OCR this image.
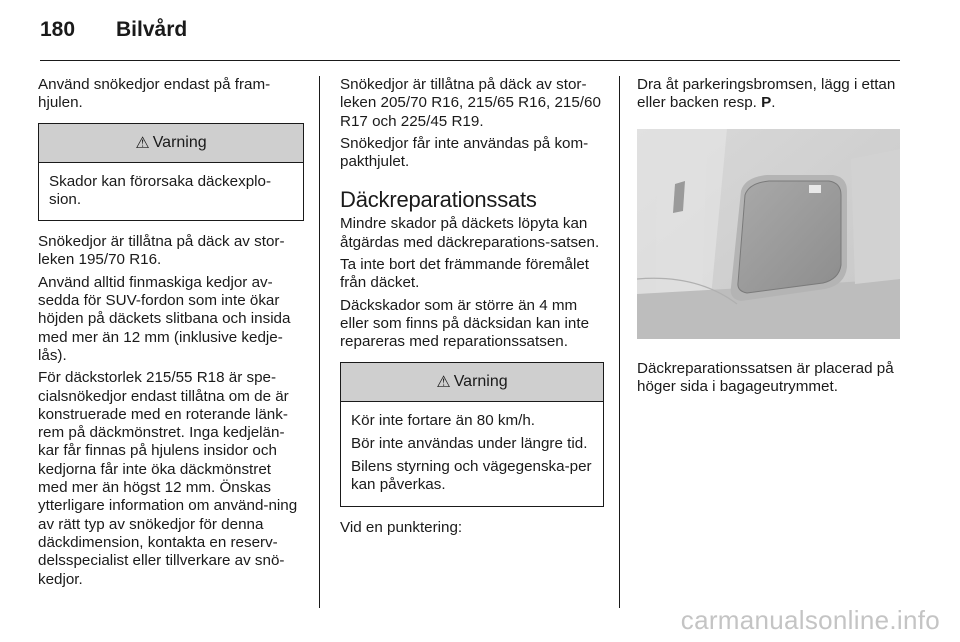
180	Bilvård

Använd snökedjor endast på fram-hjulen.

⚠ Varning

Skador kan förorsaka däckexplo-sion.

Snökedjor är tillåtna på däck av stor-leken 195/70 R16.

Använd alltid finmaskiga kedjor av-sedda för SUV-fordon som inte ökar höjden på däckets slitbana och insida med mer än 12 mm (inklusive kedje-lås).

För däckstorlek 215/55 R18 är spe-cialsnökedjor endast tillåtna om de är konstruerade med en roterande länk-rem på däckmönstret. Inga kedjelän-kar får finnas på hjulens insidor och kedjorna får inte öka däckmönstret med mer än högst 12 mm. Önskas ytterligare information om använd-ning av rätt typ av snökedjor för denna däckdimension, kontakta en reserv-delsspecialist eller tillverkare av snö-kedjor.

Snökedjor är tillåtna på däck av stor-leken 205/70 R16, 215/65 R16, 215/60 R17 och 225/45 R19.

Snökedjor får inte användas på kom-pakthjulet.

Däckreparationssats

Mindre skador på däckets löpyta kan åtgärdas med däckreparations-satsen.

Ta inte bort det främmande föremålet från däcket.

Däckskador som är större än 4 mm eller som finns på däcksidan kan inte repareras med reparationssatsen.

⚠ Varning

Kör inte fortare än 80 km/h.

Bör inte användas under längre tid.

Bilens styrning och vägegenska-per kan påverkas.

Vid en punktering:

Dra åt parkeringsbromsen, lägg i ettan eller backen resp. P.

Däckreparationssatsen är placerad på höger sida i bagageutrymmet.

carmanualsonline.info
